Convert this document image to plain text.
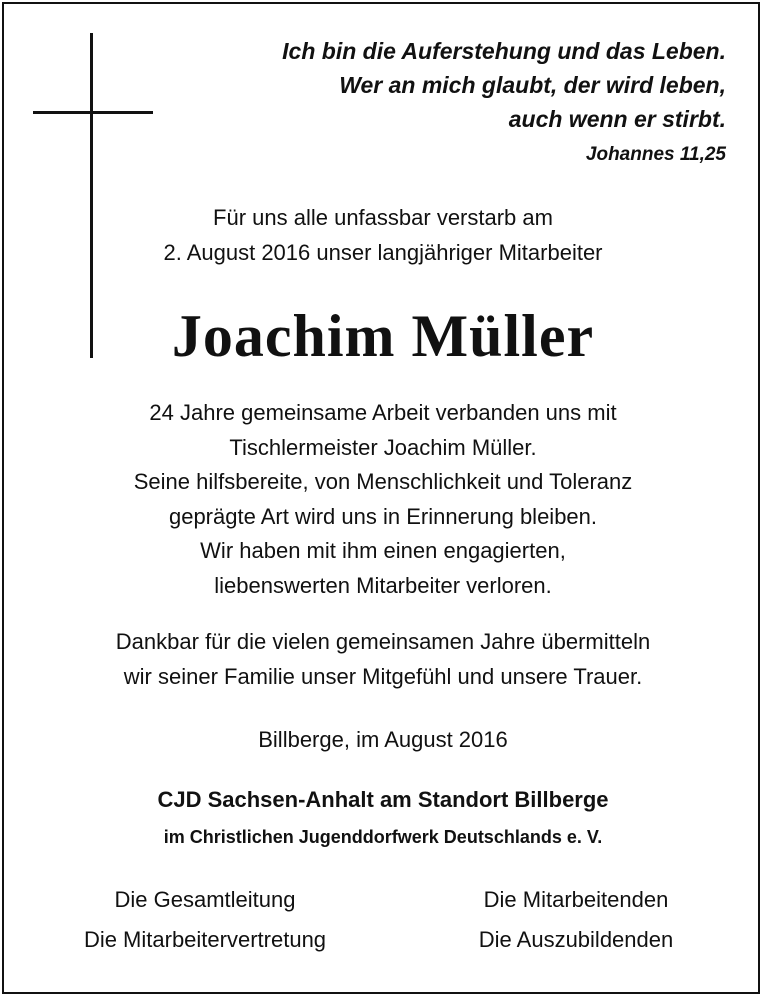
Ich bin die Auferstehung und das Leben.
Wer an mich glaubt, der wird leben,
auch wenn er stirbt.
Johannes 11,25
Für uns alle unfassbar verstarb am
2. August 2016 unser langjähriger Mitarbeiter
Joachim Müller
24 Jahre gemeinsame Arbeit verbanden uns mit
Tischlermeister Joachim Müller.
Seine hilfsbereite, von Menschlichkeit und Toleranz
geprägte Art wird uns in Erinnerung bleiben.
Wir haben mit ihm einen engagierten,
liebenswerten Mitarbeiter verloren.
Dankbar für die vielen gemeinsamen Jahre übermitteln
wir seiner Familie unser Mitgefühl und unsere Trauer.
Billberge, im August 2016
CJD Sachsen-Anhalt am Standort Billberge
im Christlichen Jugenddorfwerk Deutschlands e. V.
Die Gesamtleitung
Die Mitarbeitervertretung
Die Mitarbeitenden
Die Auszubildenden
